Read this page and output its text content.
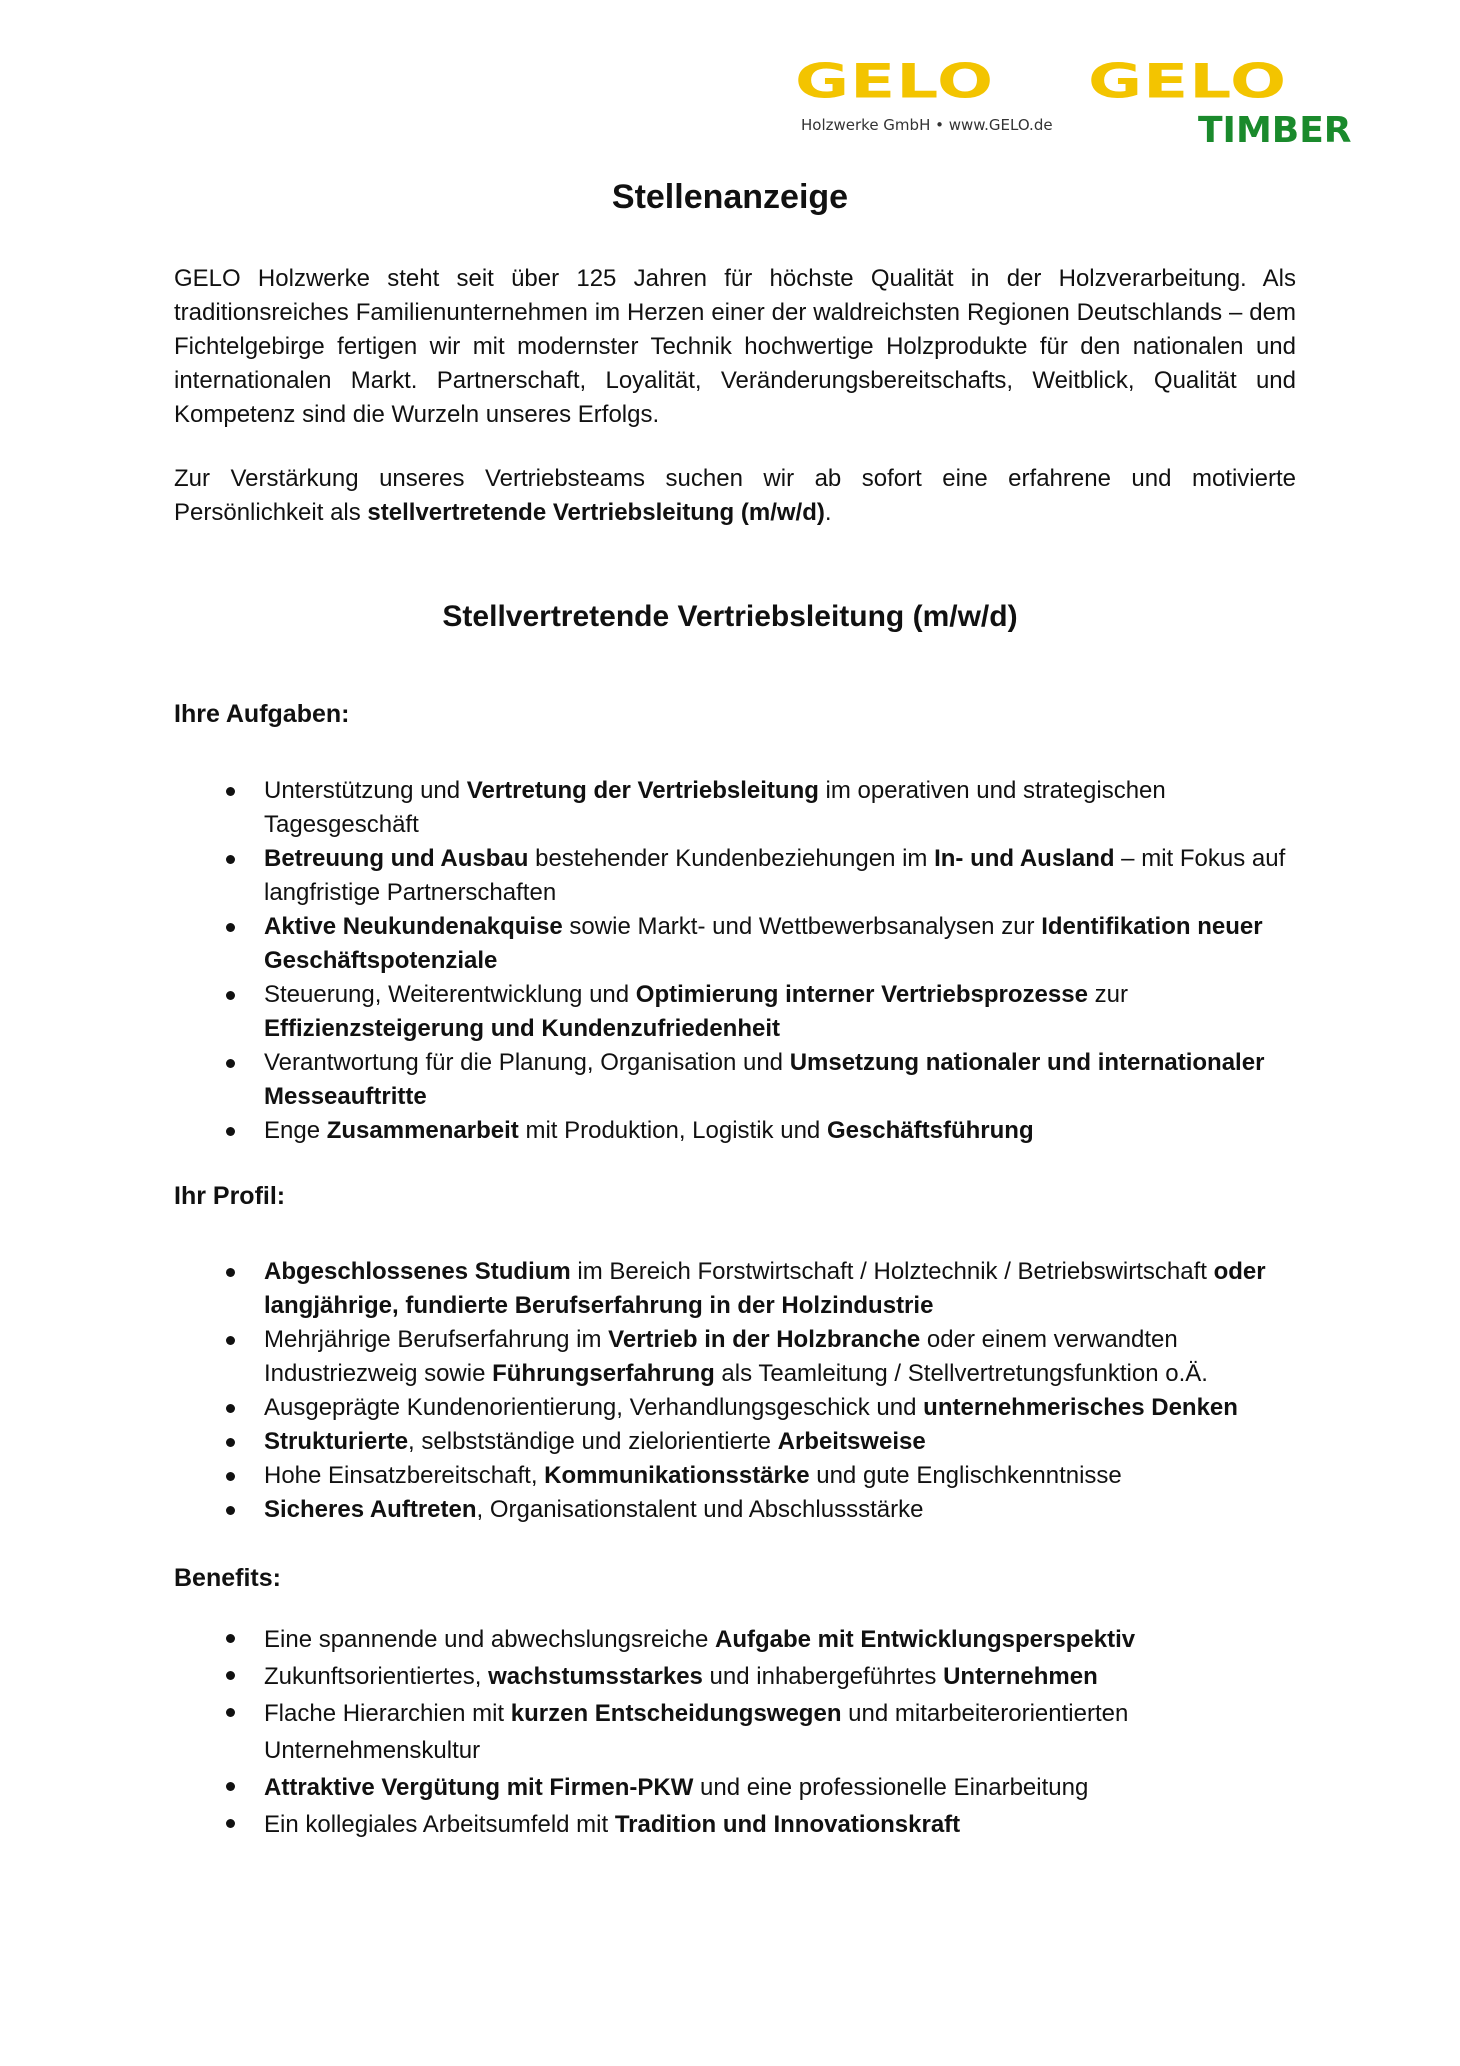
GELO
Holzwerke GmbH • www.GELO.de
GELO
TIMBER
Stellenanzeige

GELO Holzwerke steht seit über 125 Jahren für höchste Qualität in der Holzverarbeitung. Als traditionsreiches Familienunternehmen im Herzen einer der waldreichsten Regionen Deutschlands – dem Fichtelgebirge fertigen wir mit modernster Technik hochwertige Holzprodukte für den nationalen und internationalen Markt. Partnerschaft, Loyalität, Veränderungsbereitschafts, Weitblick, Qualität und Kompetenz sind die Wurzeln unseres Erfolgs.

Zur Verstärkung unseres Vertriebsteams suchen wir ab sofort eine erfahrene und motivierte Persönlichkeit als stellvertretende Vertriebsleitung (m/w/d).

Stellvertretende Vertriebsleitung (m/w/d)
Ihre Aufgaben:
Unterstützung und Vertretung der Vertriebsleitung im operativen und strategischen Tagesgeschäft
Betreuung und Ausbau bestehender Kundenbeziehungen im In- und Ausland – mit Fokus auf langfristige Partnerschaften
Aktive Neukundenakquise sowie Markt- und Wettbewerbsanalysen zur Identifikation neuer Geschäftspotenziale
Steuerung, Weiterentwicklung und Optimierung interner Vertriebsprozesse zur Effizienzsteigerung und Kundenzufriedenheit
Verantwortung für die Planung, Organisation und Umsetzung nationaler und internationaler Messeauftritte
Enge Zusammenarbeit mit Produktion, Logistik und Geschäftsführung
Ihr Profil:
Abgeschlossenes Studium im Bereich Forstwirtschaft / Holztechnik / Betriebswirtschaft oder langjährige, fundierte Berufserfahrung in der Holzindustrie
Mehrjährige Berufserfahrung im Vertrieb in der Holzbranche oder einem verwandten Industriezweig sowie Führungserfahrung als Teamleitung / Stellvertretungsfunktion o.Ä.
Ausgeprägte Kundenorientierung, Verhandlungsgeschick und unternehmerisches Denken
Strukturierte, selbstständige und zielorientierte Arbeitsweise
Hohe Einsatzbereitschaft, Kommunikationsstärke und gute Englischkenntnisse
Sicheres Auftreten, Organisationstalent und Abschlussstärke
Benefits:
Eine spannende und abwechslungsreiche Aufgabe mit Entwicklungsperspektiv
Zukunftsorientiertes, wachstumsstarkes und inhabergeführtes Unternehmen
Flache Hierarchien mit kurzen Entscheidungswegen und mitarbeiterorientierten Unternehmenskultur
Attraktive Vergütung mit Firmen-PKW und eine professionelle Einarbeitung
Ein kollegiales Arbeitsumfeld mit Tradition und Innovationskraft
